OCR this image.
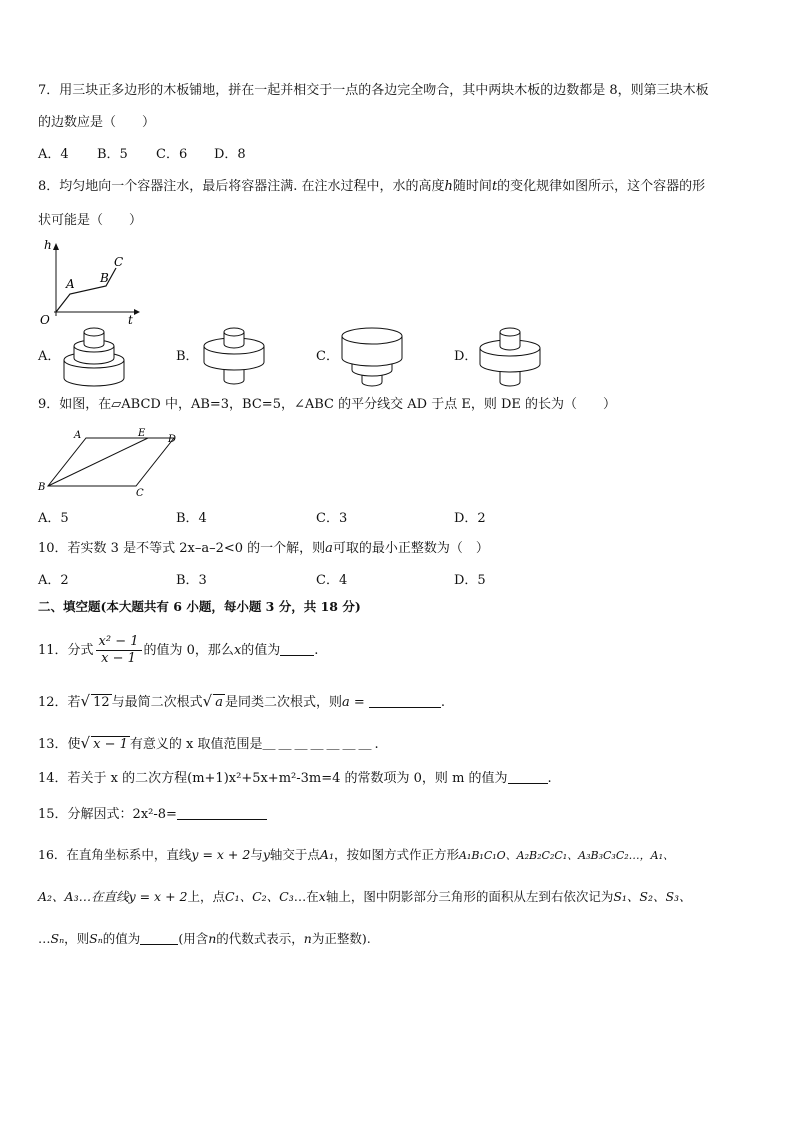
7．用三块正多边形的木板铺地，拼在一起并相交于一点的各边完全吻合，其中两块木板的边数都是 8，则第三块木板
的边数应是（　　）
A．4 B．5 C．6 D．8
8．均匀地向一个容器注水，最后将容器注满. 在注水过程中，水的高度h随时间t的变化规律如图所示，这个容器的形
状可能是（　　）
h
t
O
A B
C
A．	B．	C．	D．
9．如图，在▱ABCD 中，AB=3，BC=5，∠ABC 的平分线交 AD 于点 E，则 DE 的长为（　　）
A	E
D
B
C
A．5	B．4	C．3	D．2
10．若实数 3 是不等式 2x–a–2<0 的一个解，则a可取的最小正整数为（　）
A．2	B．3	C．4	D．5
二、填空题(本大题共有 6 小题，每小题 3 分，共 18 分)
11．分式 $\frac{\text{x² − 1}}{x - 1}$ 的值为 0，那么x的值为	.
12．若√ 12 与最简二次根式√ a 是同类二次根式，则a =	.
13．使√ x − 1 有意义的 x 取值范围是＿＿＿＿＿＿＿.
14．若关于 x 的二次方程(m+1)x²+5x+m²-3m=4 的常数项为 0，则 m 的值为	.
15．分解因式：2x²-8=
16．在直角坐标系中，直线y = x + 2与y轴交于点A₁，按如图方式作正方形A₁B₁C₁O、A₂B₂C₂C₁、A₃B₃C₃C₂…，A₁、
A₂、A₃…在直线y = x + 2上，点C₁、C₂、C₃…在x轴上，图中阴影部分三角形的面积从左到右依次记为S₁、S₂、S₃、
…Sₙ，则Sₙ的值为	(用含n的代数式表示，n为正整数).
